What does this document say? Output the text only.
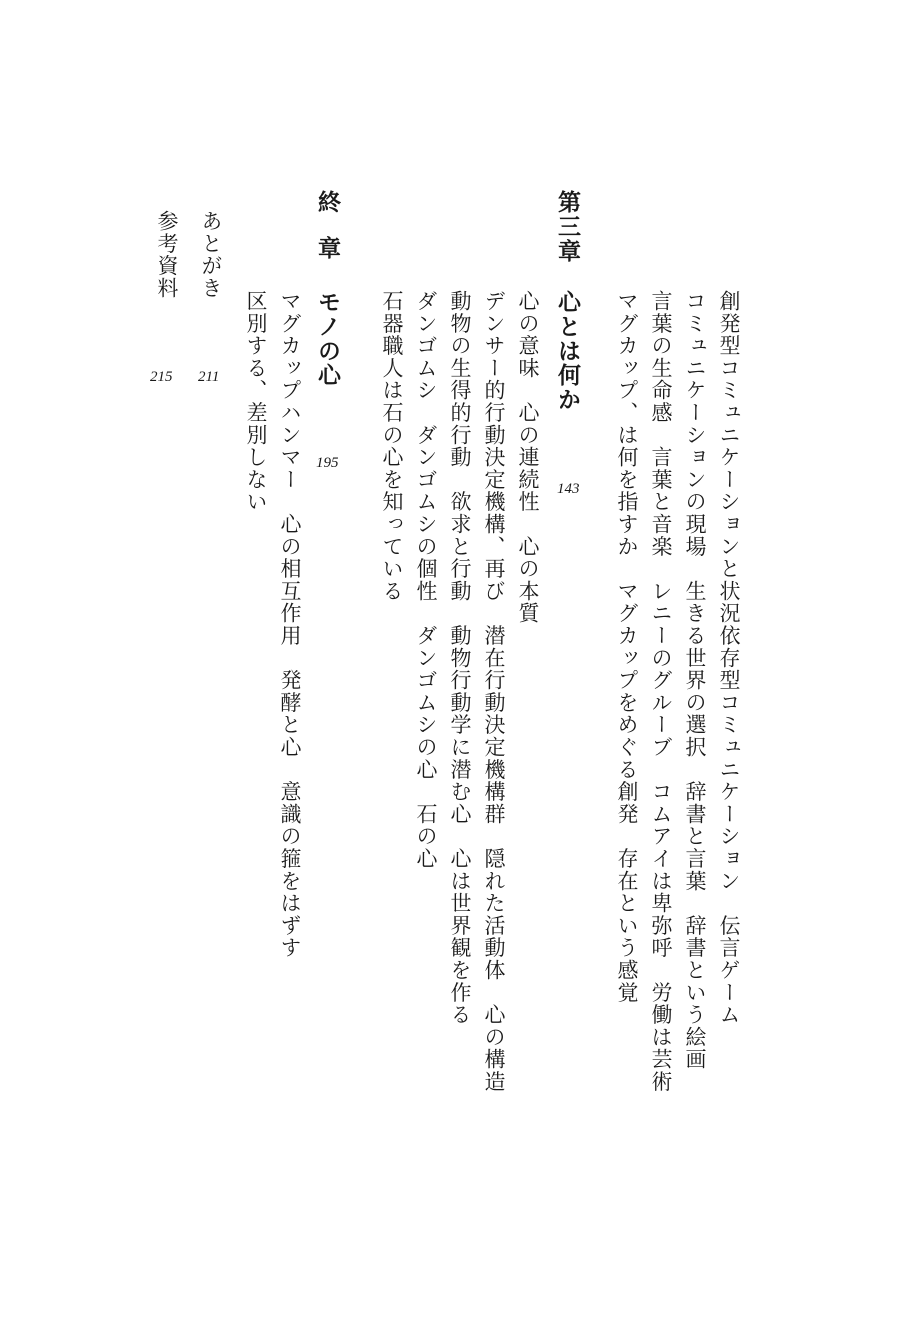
創発型コミュニケーションと状況依存型コミュニケーション　伝言ゲーム
コミュニケーションの現場　生きる世界の選択　辞書と言葉　辞書という絵画
言葉の生命感　言葉と音楽　レニーのグルーブ　コムアイは卑弥呼　労働は芸術
マグカップ、は何を指すか　マグカップをめぐる創発　存在という感覚
第三章
心とは何か
143
心の意味　心の連続性　心の本質
デンサー的行動決定機構、再び　潜在行動決定機構群　隠れた活動体　心の構造
動物の生得的行動　欲求と行動　動物行動学に潜む心　心は世界観を作る
ダンゴムシ　ダンゴムシの個性　ダンゴムシの心　石の心
石器職人は石の心を知っている
終　章
モノの心
195
マグカップハンマー　心の相互作用　発酵と心　意識の箍をはずす
区別する、差別しない
あとがき
211
参考資料
215
